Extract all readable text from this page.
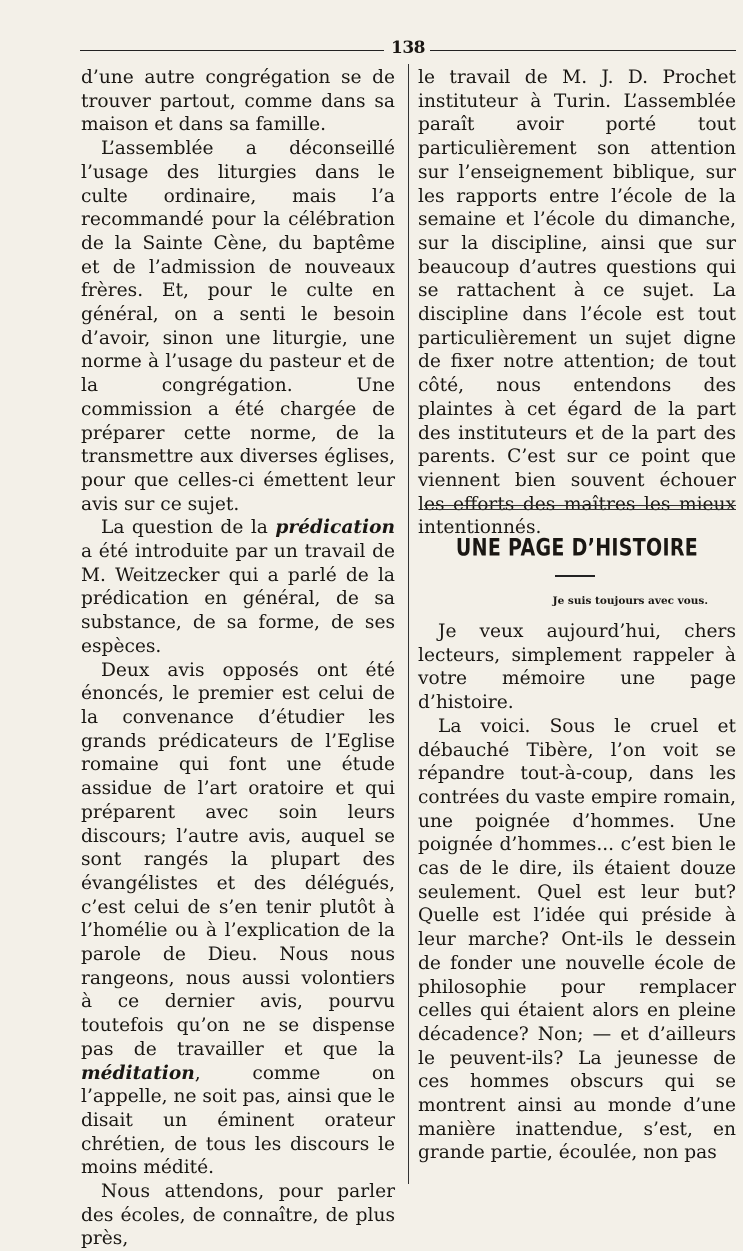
138

d’une autre congrégation se de trouver partout, comme dans sa maison et dans sa famille.

L’assemblée a déconseillé l’usage des liturgies dans le culte ordinaire, mais l’a recommandé pour la célébration de la Sainte Cène, du baptême et de l’admission de nouveaux frères. Et, pour le culte en général, on a senti le besoin d’avoir, sinon une liturgie, une norme à l’usage du pasteur et de la congrégation. Une commission a été chargée de préparer cette norme, de la transmettre aux diverses églises, pour que celles-ci émettent leur avis sur ce sujet.

La question de la prédication a été introduite par un travail de M. Weitzecker qui a parlé de la prédication en général, de sa substance, de sa forme, de ses espèces.

Deux avis opposés ont été énoncés, le premier est celui de la convenance d’étudier les grands prédicateurs de l’Eglise romaine qui font une étude assidue de l’art oratoire et qui préparent avec soin leurs discours; l’autre avis, auquel se sont rangés la plupart des évangélistes et des délégués, c’est celui de s’en tenir plutôt à l’homélie ou à l’explication de la parole de Dieu. Nous nous rangeons, nous aussi volontiers à ce dernier avis, pourvu toutefois qu’on ne se dispense pas de travailler et que la méditation, comme on l’appelle, ne soit pas, ainsi que le disait un éminent orateur chrétien, de tous les discours le moins médité.

Nous attendons, pour parler des écoles, de connaître, de plus près,

le travail de M. J. D. Prochet instituteur à Turin. L’assemblée paraît avoir porté tout particulièrement son attention sur l’enseignement biblique, sur les rapports entre l’école de la semaine et l’école du dimanche, sur la discipline, ainsi que sur beaucoup d’autres questions qui se rattachent à ce sujet. La discipline dans l’école est tout particulièrement un sujet digne de fixer notre attention; de tout côté, nous entendons des plaintes à cet égard de la part des instituteurs et de la part des parents. C’est sur ce point que viennent bien souvent échouer les efforts des maîtres les mieux intentionnés.

UNE PAGE D’HISTOIRE
Je suis toujours avec vous.

Je veux aujourd’hui, chers lecteurs, simplement rappeler à votre mémoire une page d’histoire.

La voici. Sous le cruel et débauché Tibère, l’on voit se répandre tout-à-coup, dans les contrées du vaste empire romain, une poignée d’hommes. Une poignée d’hommes... c’est bien le cas de le dire, ils étaient douze seulement. Quel est leur but? Quelle est l’idée qui préside à leur marche? Ont-ils le dessein de fonder une nouvelle école de philosophie pour remplacer celles qui étaient alors en pleine décadence? Non; — et d’ailleurs le peuvent-ils? La jeunesse de ces hommes obscurs qui se montrent ainsi au monde d’une manière inattendue, s’est, en grande partie, écoulée, non pas
